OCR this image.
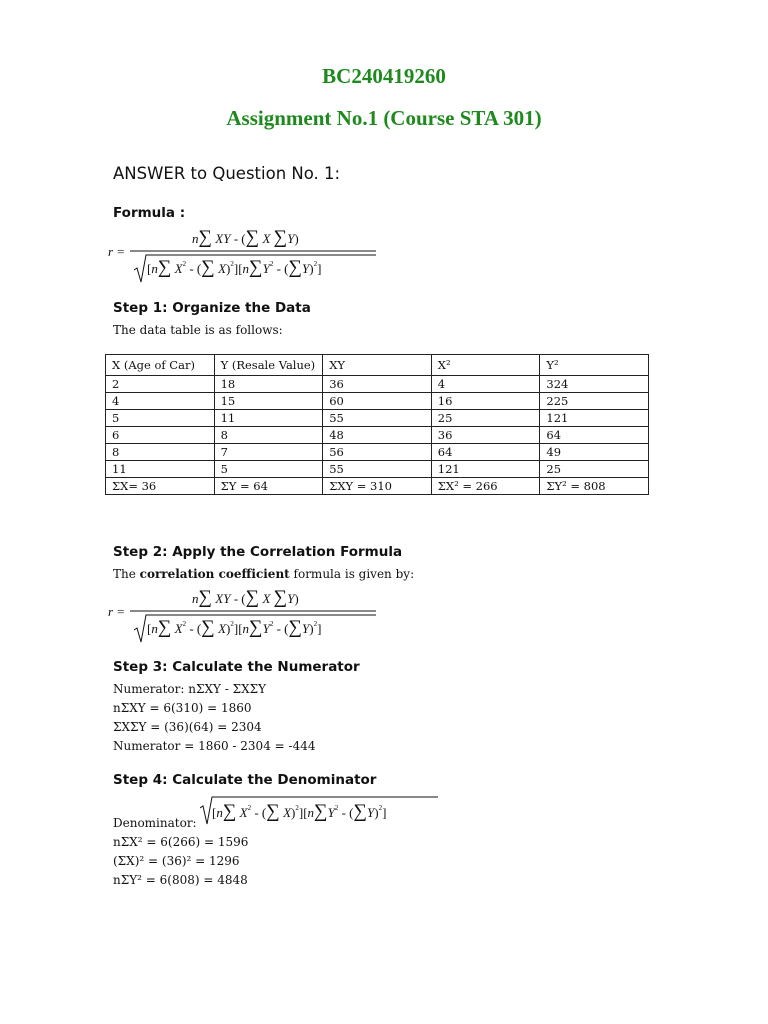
BC240419260
Assignment No.1 (Course STA 301)
ANSWER to Question No. 1:
Formula :
r =
n∑ XY - (∑ X ∑Y)
[n∑ $X^2$ - (∑ $X)^2][n\sum Y^2 - (\sum Y)^2]$
Step 1: Organize the Data

The data table is as follows:

X (Age of Car)	Y (Resale Value)	XY	X²	Y²
2	18	36	4	324
4	15	60	16	225
5	11	55	25	121
6	8	48	36	64
8	7	56	64	49
11	5	55	121	25
ΣX= 36	ΣY = 64	ΣXY = 310	ΣX² = 266	ΣY² = 808
Step 2: Apply the Correlation Formula

The correlation coefficient formula is given by:

r =
n∑ XY - (∑ X ∑Y)
[n∑ $X^2$ - (∑ $X)^2][n\sum Y^2 - (\sum Y)^2]$
Step 3: Calculate the Numerator

Numerator: nΣXY - ΣXΣY

nΣXY = 6(310) = 1860

ΣXΣY = (36)(64) = 2304

Numerator = 1860 - 2304 = -444

Step 4: Calculate the Denominator
[n∑ $X^2$ - (∑ $X)^2][n\sum Y^2 - (\sum Y)^2]$

Denominator:

nΣX² = 6(266) = 1596

(ΣX)² = (36)² = 1296

nΣY² = 6(808) = 4848
